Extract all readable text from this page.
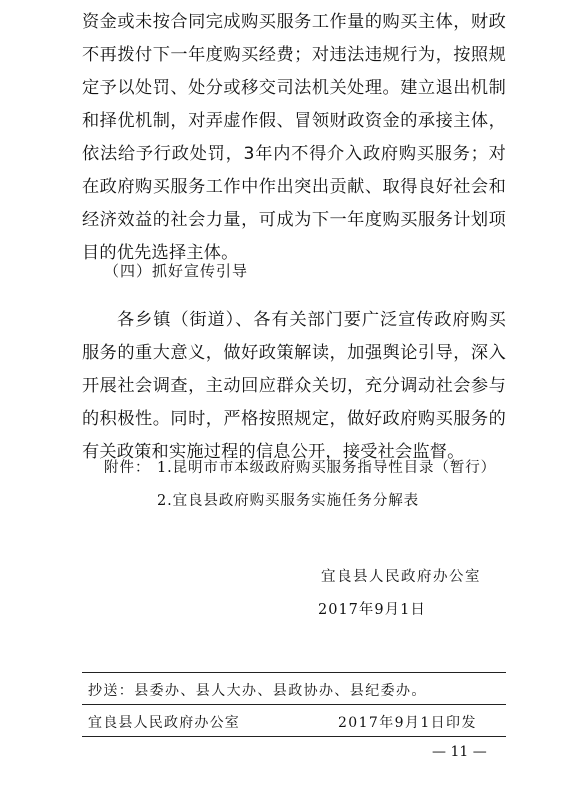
资金或未按合同完成购买服务工作量的购买主体，财政不再拨付下一年度购买经费；对违法违规行为，按照规定予以处罚、处分或移交司法机关处理。建立退出机制和择优机制，对弄虚作假、冒领财政资金的承接主体，依法给予行政处罚，3年内不得介入政府购买服务；对在政府购买服务工作中作出突出贡献、取得良好社会和经济效益的社会力量，可成为下一年度购买服务计划项目的优先选择主体。

（四）抓好宣传引导

各乡镇（街道）、各有关部门要广泛宣传政府购买服务的重大意义，做好政策解读，加强舆论引导，深入开展社会调查，主动回应群众关切，充分调动社会参与的积极性。同时，严格按照规定，做好政府购买服务的有关政策和实施过程的信息公开，接受社会监督。

附件： 1.昆明市市本级政府购买服务指导性目录（暂行）
2.宜良县政府购买服务实施任务分解表
宜良县人民政府办公室
2017年9月1日
抄送：县委办、县人大办、县政协办、县纪委办。
宜良县人民政府办公室	2017年9月1日印发
— 11 —
